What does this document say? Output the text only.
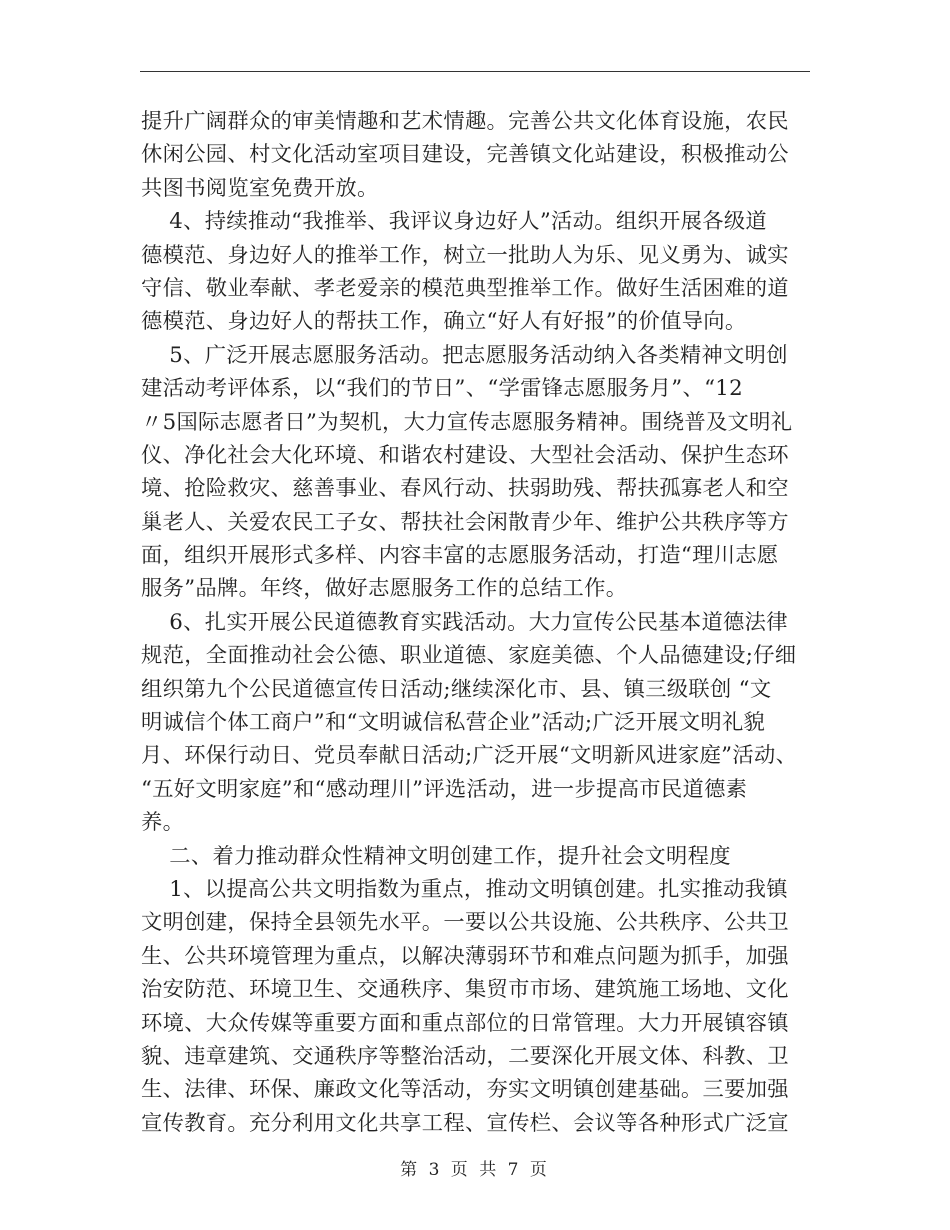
提升广阔群众的审美情趣和艺术情趣。完善公共文化体育设施，农民
休闲公园、村文化活动室项目建设，完善镇文化站建设，积极推动公
共图书阅览室免费开放。
4、持续推动“我推举、我评议身边好人”活动。组织开展各级道
德模范、身边好人的推举工作，树立一批助人为乐、见义勇为、诚实
守信、敬业奉献、孝老爱亲的模范典型推举工作。做好生活困难的道
德模范、身边好人的帮扶工作，确立“好人有好报”的价值导向。
5、广泛开展志愿服务活动。把志愿服务活动纳入各类精神文明创
建活动考评体系，以“我们的节日”、“学雷锋志愿服务月”、“12
〃5国际志愿者日”为契机，大力宣传志愿服务精神。围绕普及文明礼
仪、净化社会大化环境、和谐农村建设、大型社会活动、保护生态环
境、抢险救灾、慈善事业、春风行动、扶弱助残、帮扶孤寡老人和空
巢老人、关爱农民工子女、帮扶社会闲散青少年、维护公共秩序等方
面，组织开展形式多样、内容丰富的志愿服务活动，打造“理川志愿
服务”品牌。年终，做好志愿服务工作的总结工作。
6、扎实开展公民道德教育实践活动。大力宣传公民基本道德法律
规范，全面推动社会公德、职业道德、家庭美德、个人品德建设;仔细
组织第九个公民道德宣传日活动;继续深化市、县、镇三级联创 “文
明诚信个体工商户”和“文明诚信私营企业”活动;广泛开展文明礼貌
月、环保行动日、党员奉献日活动;广泛开展“文明新风进家庭”活动、
“五好文明家庭”和“感动理川”评选活动，进一步提高市民道德素
养。
二、着力推动群众性精神文明创建工作，提升社会文明程度
1、以提高公共文明指数为重点，推动文明镇创建。扎实推动我镇
文明创建，保持全县领先水平。一要以公共设施、公共秩序、公共卫
生、公共环境管理为重点，以解决薄弱环节和难点问题为抓手，加强
治安防范、环境卫生、交通秩序、集贸市市场、建筑施工场地、文化
环境、大众传媒等重要方面和重点部位的日常管理。大力开展镇容镇
貌、违章建筑、交通秩序等整治活动，二要深化开展文体、科教、卫
生、法律、环保、廉政文化等活动，夯实文明镇创建基础。三要加强
宣传教育。充分利用文化共享工程、宣传栏、会议等各种形式广泛宣
第 3 页 共 7 页
